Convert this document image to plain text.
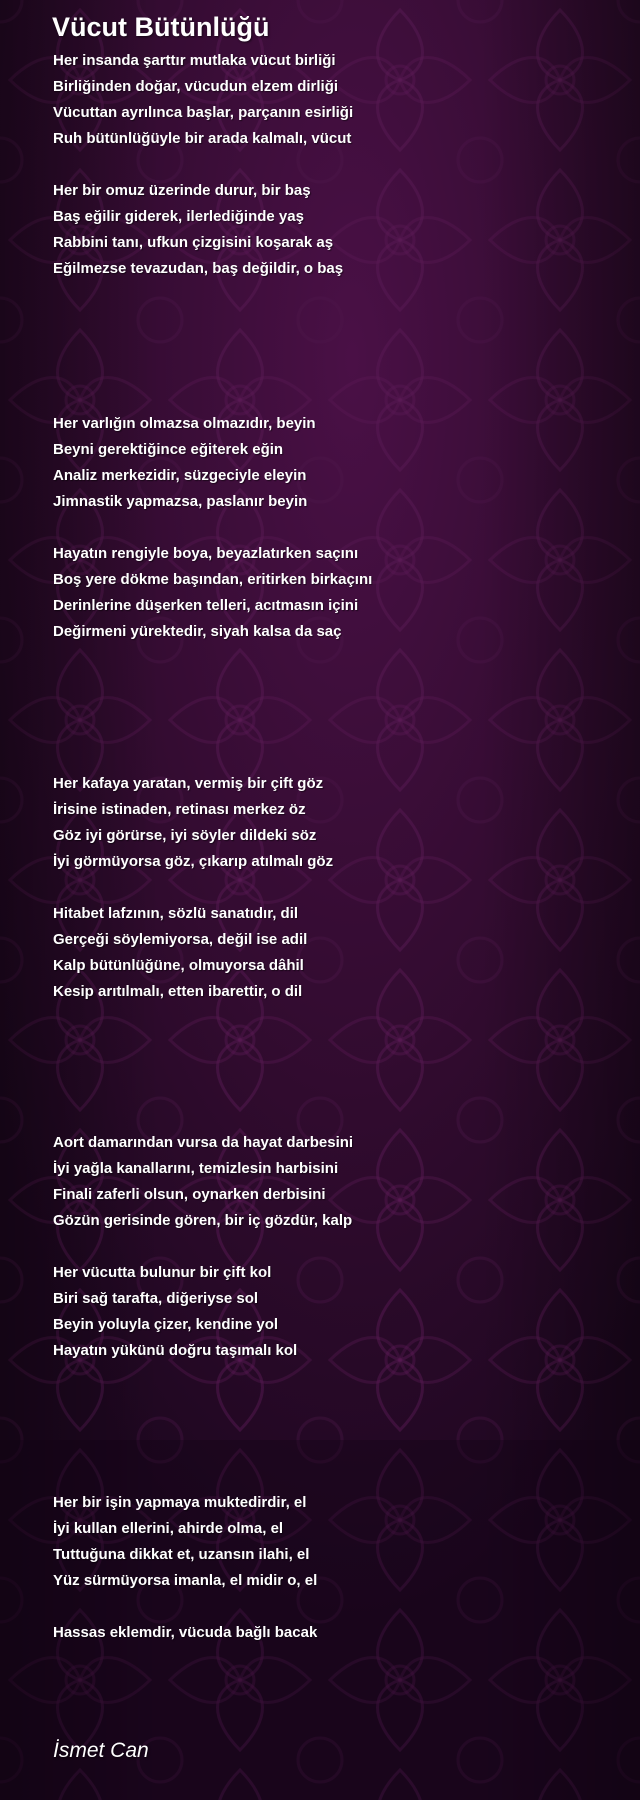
Vücut Bütünlüğü
Her insanda şarttır mutlaka vücut birliği
Birliğinden doğar, vücudun elzem dirliği
Vücuttan ayrılınca başlar, parçanın esirliği
Ruh bütünlüğüyle bir arada kalmalı, vücut
Her bir omuz üzerinde durur, bir baş
Baş eğilir giderek, ilerlediğinde yaş
Rabbini tanı, ufkun çizgisini koşarak aş
Eğilmezse tevazudan, baş değildir, o baş
Her varlığın olmazsa olmazıdır, beyin
Beyni gerektiğince eğiterek eğin
Analiz merkezidir, süzgeciyle eleyin
Jimnastik yapmazsa, paslanır beyin
Hayatın rengiyle boya, beyazlatırken saçını
Boş yere dökme başından, eritirken birkaçını
Derinlerine düşerken telleri, acıtmasın içini
Değirmeni yürektedir, siyah kalsa da saç
Her kafaya yaratan, vermiş bir çift göz
İrisine istinaden, retinası merkez öz
Göz iyi görürse, iyi söyler dildeki söz
İyi görmüyorsa göz, çıkarıp atılmalı göz
Hitabet lafzının, sözlü sanatıdır, dil
Gerçeği söylemiyorsa, değil ise adil
Kalp bütünlüğüne, olmuyorsa dâhil
Kesip arıtılmalı, etten ibarettir, o dil
Aort damarından vursa da hayat darbesini
İyi yağla kanallarını, temizlesin harbisini
Finali zaferli olsun, oynarken derbisini
Gözün gerisinde gören, bir iç gözdür, kalp
Her vücutta bulunur bir çift kol
Biri sağ tarafta, diğeriyse sol
Beyin yoluyla çizer, kendine yol
Hayatın yükünü doğru taşımalı kol
Her bir işin yapmaya muktedirdir, el
İyi kullan ellerini, ahirde olma, el
Tuttuğuna dikkat et, uzansın ilahi, el
Yüz sürmüyorsa imanla, el midir o, el
Hassas eklemdir, vücuda bağlı bacak
İsmet Can
